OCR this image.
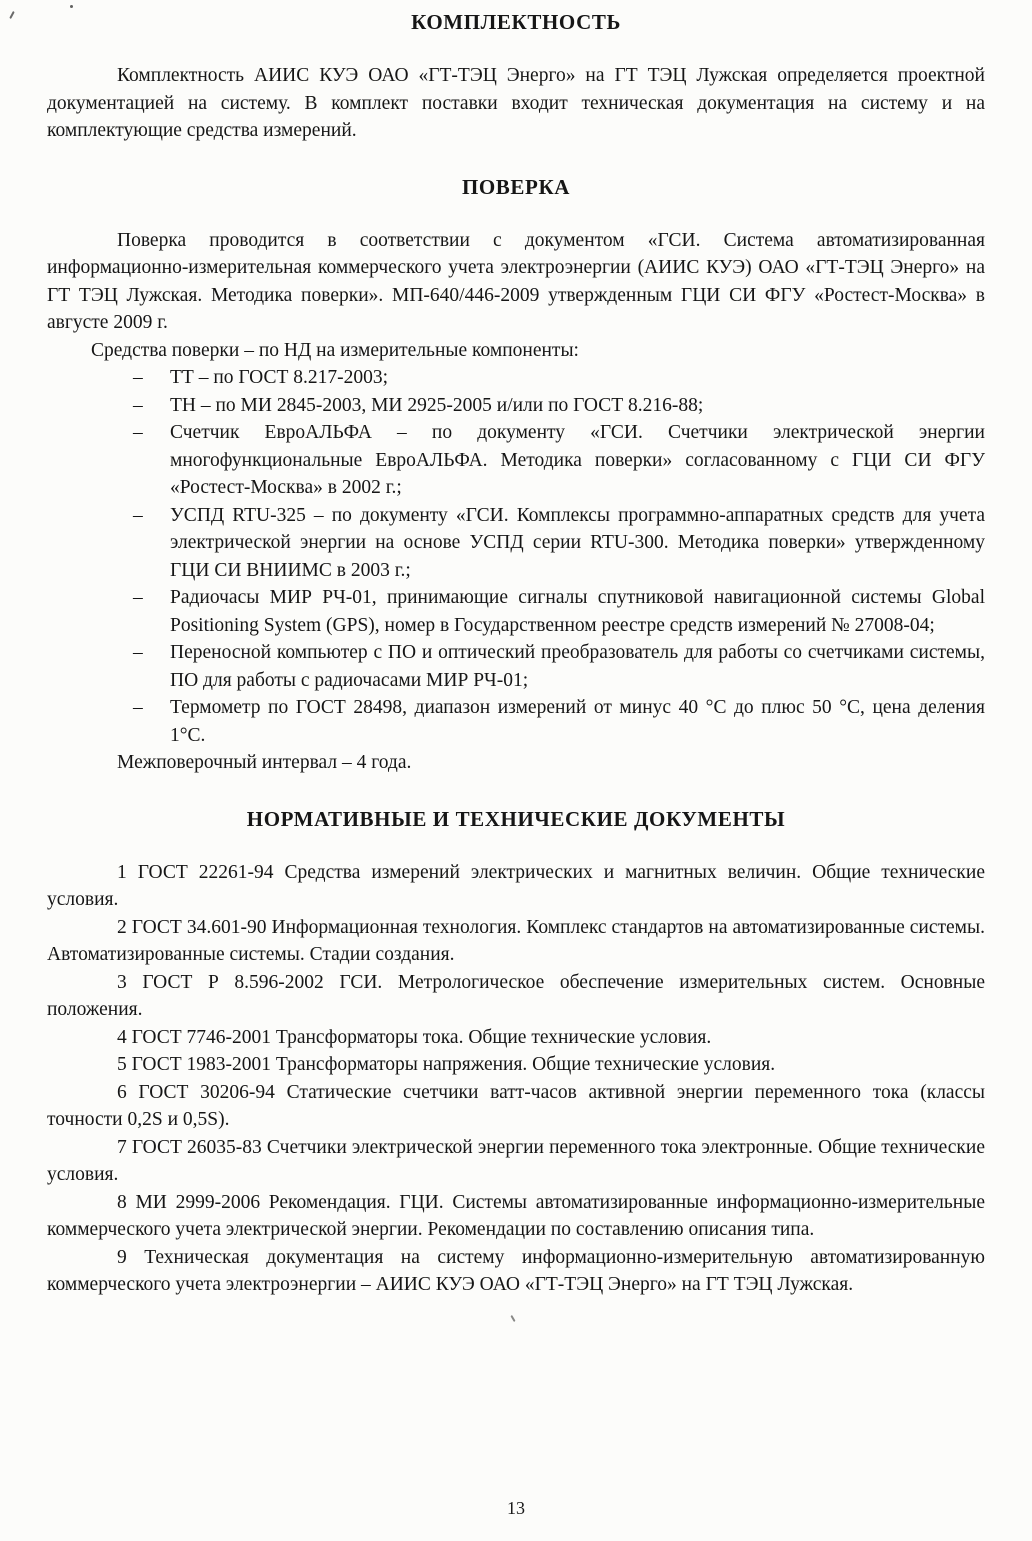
КОМПЛЕКТНОСТЬ

Комплектность АИИС КУЭ ОАО «ГТ-ТЭЦ Энерго» на ГТ ТЭЦ Лужская определяется проектной документацией на систему. В комплект поставки входит техническая документация на систему и на комплектующие средства измерений.

ПОВЕРКА

Поверка проводится в соответствии с документом «ГСИ. Система автоматизированная информационно-измерительная коммерческого учета электроэнергии (АИИС КУЭ) ОАО «ГТ-ТЭЦ Энерго» на ГТ ТЭЦ Лужская. Методика поверки». МП-640/446-2009 утвержденным ГЦИ СИ ФГУ «Ростест-Москва» в августе 2009 г.

Средства поверки – по НД на измерительные компоненты:

–	ТТ – по ГОСТ 8.217-2003;
–	ТН – по МИ 2845-2003, МИ 2925-2005 и/или по ГОСТ 8.216-88;
–	Счетчик ЕвроАЛЬФА – по документу «ГСИ. Счетчики электрической энергии многофункциональные ЕвроАЛЬФА. Методика поверки» согласованному с ГЦИ СИ ФГУ «Ростест-Москва» в 2002 г.;
–	УСПД RTU-325 – по документу «ГСИ. Комплексы программно-аппаратных средств для учета электрической энергии на основе УСПД серии RTU-300. Методика поверки» утвержденному ГЦИ СИ ВНИИМС в 2003 г.;
–	Радиочасы МИР РЧ-01, принимающие сигналы спутниковой навигационной системы Global Positioning System (GPS), номер в Государственном реестре средств измерений № 27008-04;
–	Переносной компьютер с ПО и оптический преобразователь для работы со счетчиками системы, ПО для работы с радиочасами МИР РЧ-01;
–	Термометр по ГОСТ 28498, диапазон измерений от минус 40 °С до плюс 50 °С, цена деления 1°С.

Межповерочный интервал – 4 года.

НОРМАТИВНЫЕ И ТЕХНИЧЕСКИЕ ДОКУМЕНТЫ

1 ГОСТ 22261-94 Средства измерений электрических и магнитных величин. Общие технические условия.

2 ГОСТ 34.601-90 Информационная технология. Комплекс стандартов на автоматизированные системы. Автоматизированные системы. Стадии создания.

3 ГОСТ Р 8.596-2002 ГСИ. Метрологическое обеспечение измерительных систем. Основные положения.

4 ГОСТ 7746-2001 Трансформаторы тока. Общие технические условия.

5 ГОСТ 1983-2001 Трансформаторы напряжения. Общие технические условия.

6 ГОСТ 30206-94 Статические счетчики ватт-часов активной энергии переменного тока (классы точности 0,2S и 0,5S).

7 ГОСТ 26035-83 Счетчики электрической энергии переменного тока электронные. Общие технические условия.

8 МИ 2999-2006 Рекомендация. ГЦИ. Системы автоматизированные информационно-измерительные коммерческого учета электрической энергии. Рекомендации по составлению описания типа.

9 Техническая документация на систему информационно-измерительную автоматизированную коммерческого учета электроэнергии – АИИС КУЭ ОАО «ГТ-ТЭЦ Энерго» на ГТ ТЭЦ Лужская.

13
